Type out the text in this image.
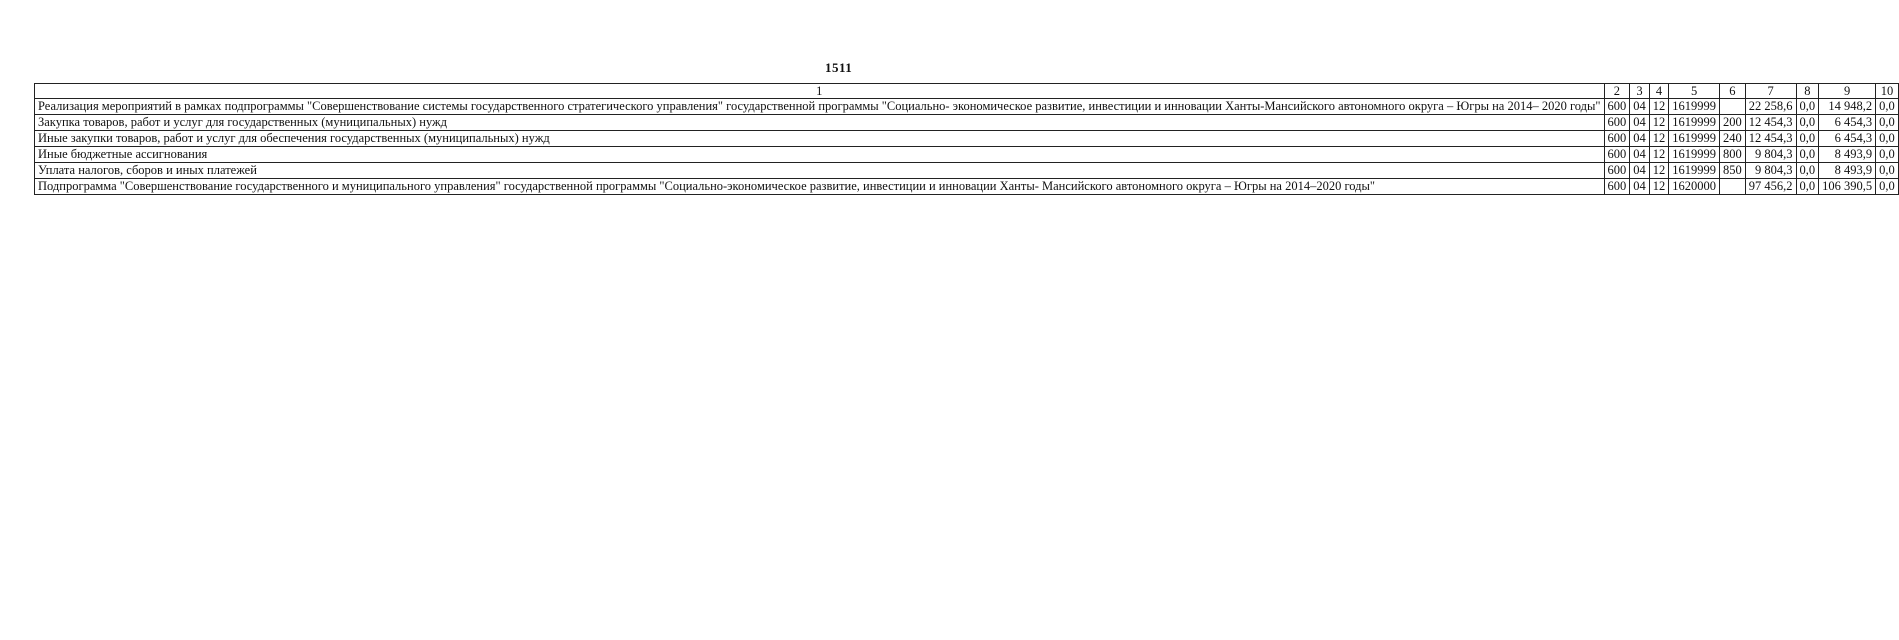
1511
1	2	3	4	5	6	7	8	9	10
Реализация мероприятий в рамках подпрограммы "Совершенствование системы государственного стратегического управления" государственной программы "Социально- экономическое развитие, инвестиции и инновации Ханты-Мансийского автономного округа – Югры на 2014– 2020 годы"	600	04	12	1619999		22 258,6	0,0	14 948,2	0,0
Закупка товаров, работ и услуг для государственных (муниципальных) нужд	600	04	12	1619999	200	12 454,3	0,0	6 454,3	0,0
Иные закупки товаров, работ и услуг для обеспечения государственных (муниципальных) нужд	600	04	12	1619999	240	12 454,3	0,0	6 454,3	0,0
Иные бюджетные ассигнования	600	04	12	1619999	800	9 804,3	0,0	8 493,9	0,0
Уплата налогов, сборов и иных платежей	600	04	12	1619999	850	9 804,3	0,0	8 493,9	0,0
Подпрограмма "Совершенствование государственного и муниципального управления" государственной программы "Социально-экономическое развитие, инвестиции и инновации Ханты- Мансийского автономного округа – Югры на 2014–2020 годы"	600	04	12	1620000		97 456,2	0,0	106 390,5	0,0
